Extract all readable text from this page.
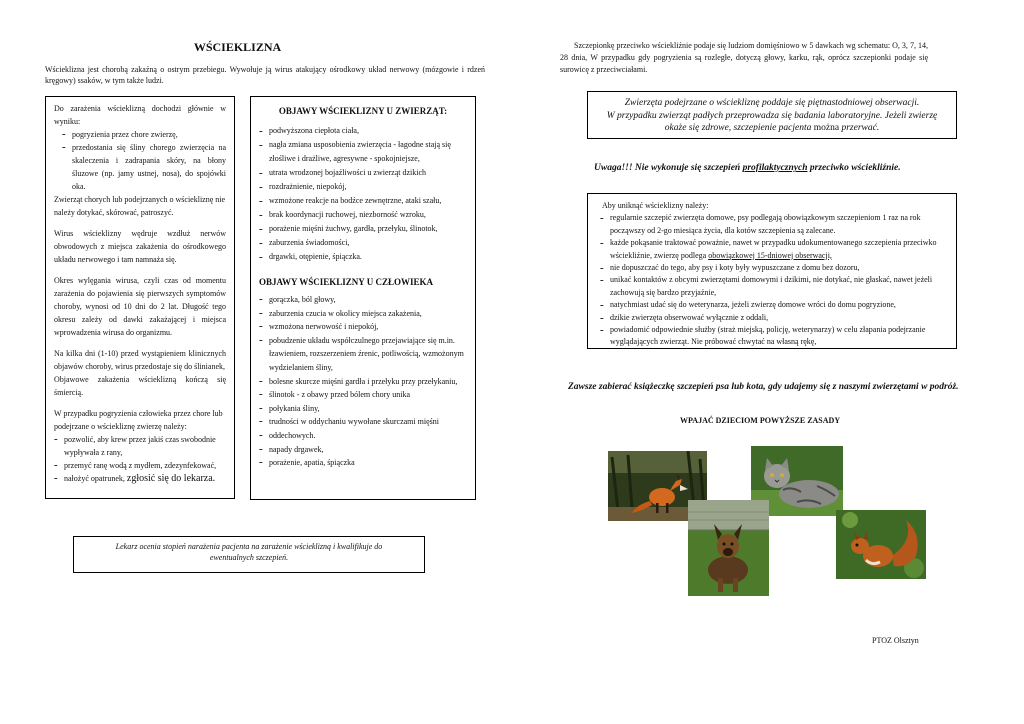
WŚCIEKLIZNA
Wścieklizna jest chorobą zakaźną o ostrym przebiegu. Wywołuje ją wirus atakujący ośrodkowy układ nerwowy (mózgowie i rdzeń kręgowy) ssaków, w tym także ludzi.

Do zarażenia wścieklizną dochodzi głównie w wyniku:

- pogryzienia przez chore zwierzę,
- przedostania się śliny chorego zwierzęcia na skaleczenia i zadrapania skóry, na błony śluzowe (np. jamy ustnej, nosa), do spojówki oka.

Zwierząt chorych lub podejrzanych o wściekliznę nie należy dotykać, skórować, patroszyć.

Wirus wścieklizny wędruje wzdłuż nerwów obwodowych z miejsca zakażenia do ośrodkowego układu nerwowego i tam namnaża się.

Okres wylęgania wirusa, czyli czas od momentu zarażenia do pojawienia się pierwszych symptomów choroby, wynosi od 10 dni do 2 lat. Długość tego okresu zależy od dawki zakażającej i miejsca wprowadzenia wirusa do organizmu.

Na kilka dni (1-10) przed wystąpieniem klinicznych objawów choroby, wirus przedostaje się do ślinianek,

Objawowe zakażenia wścieklizną kończą się śmiercią.

W przypadku pogryzienia człowieka przez chore lub podejrzane o wściekliznę zwierzę należy:

- pozwolić, aby krew przez jakiś czas swobodnie wypływała z rany,
- przemyć ranę wodą z mydłem, zdezynfekować,
- nałożyć opatrunek, zgłosić się do lekarza.
OBJAWY WŚCIEKLIZNY U ZWIERZĄT:
- podwyższona ciepłota ciała,
- nagła zmiana usposobienia zwierzęcia - łagodne stają się złośliwe i drażliwe, agresywne - spokojniejsze,
- utrata wrodzonej bojaźliwości u zwierząt dzikich
- rozdrażnienie, niepokój,
- wzmożone reakcje na bodźce zewnętrzne, ataki szału,
- brak koordynacji ruchowej, niezborność wzroku,
- porażenie mięśni żuchwy, gardła, przełyku, ślinotok,
- zaburzenia świadomości,
- drgawki, otępienie, śpiączka.
OBJAWY WŚCIEKLIZNY U CZŁOWIEKA
- gorączka, ból głowy,
- zaburzenia czucia w okolicy miejsca zakażenia,
- wzmożona nerwowość i niepokój,
- pobudzenie układu współczulnego przejawiające się m.in. łzawieniem, rozszerzeniem źrenic, potliwością, wzmożonym wydzielaniem śliny,
- bolesne skurcze mięśni gardła i przełyku przy przełykaniu,
- ślinotok - z obawy przed bólem chory unika
- połykania śliny,
- trudności w oddychaniu wywołane skurczami mięśni
- oddechowych.
- napady drgawek,
- porażenie, apatia, śpiączka
Lekarz ocenia stopień narażenia pacjenta na zarażenie wścieklizną i kwalifikuje do ewentualnych szczepień.
Szczepionkę przeciwko wściekliźnie podaje się ludziom domięśniowo w 5 dawkach wg schematu: O, 3, 7, 14, 28 dnia, W przypadku gdy pogryzienia są rozległe, dotyczą głowy, karku, rąk, oprócz szczepionki podaje się surowicę z przeciwciałami.
Zwierzęta podejrzane o wściekliznę poddaje się piętnastodniowej obserwacji.
W przypadku zwierząt padłych przeprowadza się badania laboratoryjne. Jeżeli zwierzę
okaże się zdrowe, szczepienie pacjenta można przerwać.
Uwaga!!! Nie wykonuje się szczepień profilaktycznych przeciwko wściekliźnie.
Aby uniknąć wścieklizny należy:
- regularnie szczepić zwierzęta domowe, psy podlegają obowiązkowym szczepieniom 1 raz na rok począwszy od 2-go miesiąca życia, dla kotów szczepienia są zalecane.
- każde pokąsanie traktować poważnie, nawet w przypadku udokumentowanego szczepienia przeciwko wściekliźnie, zwierzę podlega obowiązkowej 15-dniowej obserwacji,
- nie dopuszczać do tego, aby psy i koty były wypuszczane z domu bez dozoru,
- unikać kontaktów z obcymi zwierzętami domowymi i dzikimi, nie dotykać, nie głaskać, nawet jeżeli zachowują się bardzo przyjaźnie,
- natychmiast udać się do weterynarza, jeżeli zwierzę domowe wróci do domu pogryzione,
- dzikie zwierzęta obserwować wyłącznie z oddali,
- powiadomić odpowiednie służby (straż miejską, policję, weterynarzy) w celu złapania podejrzanie wyglądających zwierząt. Nie próbować chwytać na własną rękę,
Zawsze zabierać książeczkę szczepień psa lub kota, gdy udajemy się z naszymi zwierzętami w podróż.
WPAJAĆ DZIECIOM POWYŻSZE ZASADY
PTOZ Olsztyn
